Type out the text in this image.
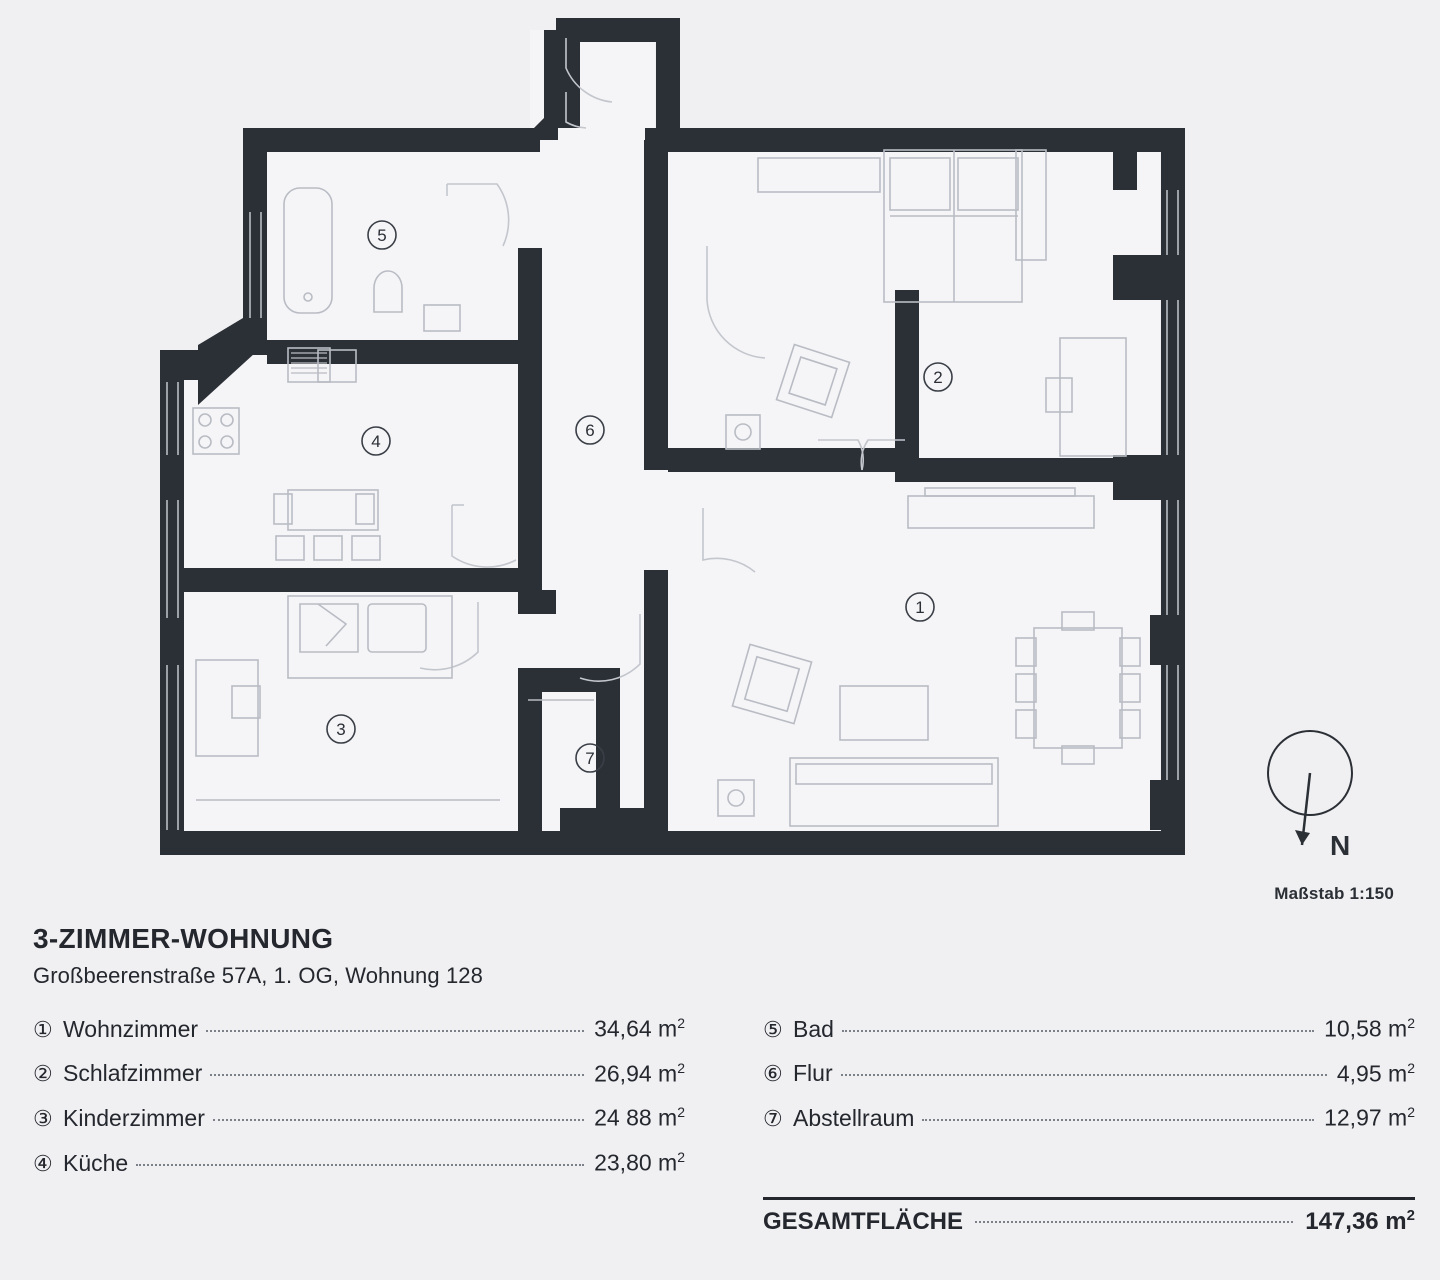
1
2
3
4
5
6
7
N
Maßstab 1:150
3-ZIMMER-WOHNUNG
Großbeerenstraße 57A, 1. OG, Wohnung 128
① Wohnzimmer	34,64 $m^2$
② Schlafzimmer	26,94 $m^2$
③ Kinderzimmer	24 88 $m^2$
④ Küche	23,80 $m^2$
⑤ Bad	10,58 $m^2$
⑥ Flur	4,95 $m^2$
⑦ Abstellraum	12,97 $m^2$
GESAMTFLÄCHE	147,36 $m^2$
